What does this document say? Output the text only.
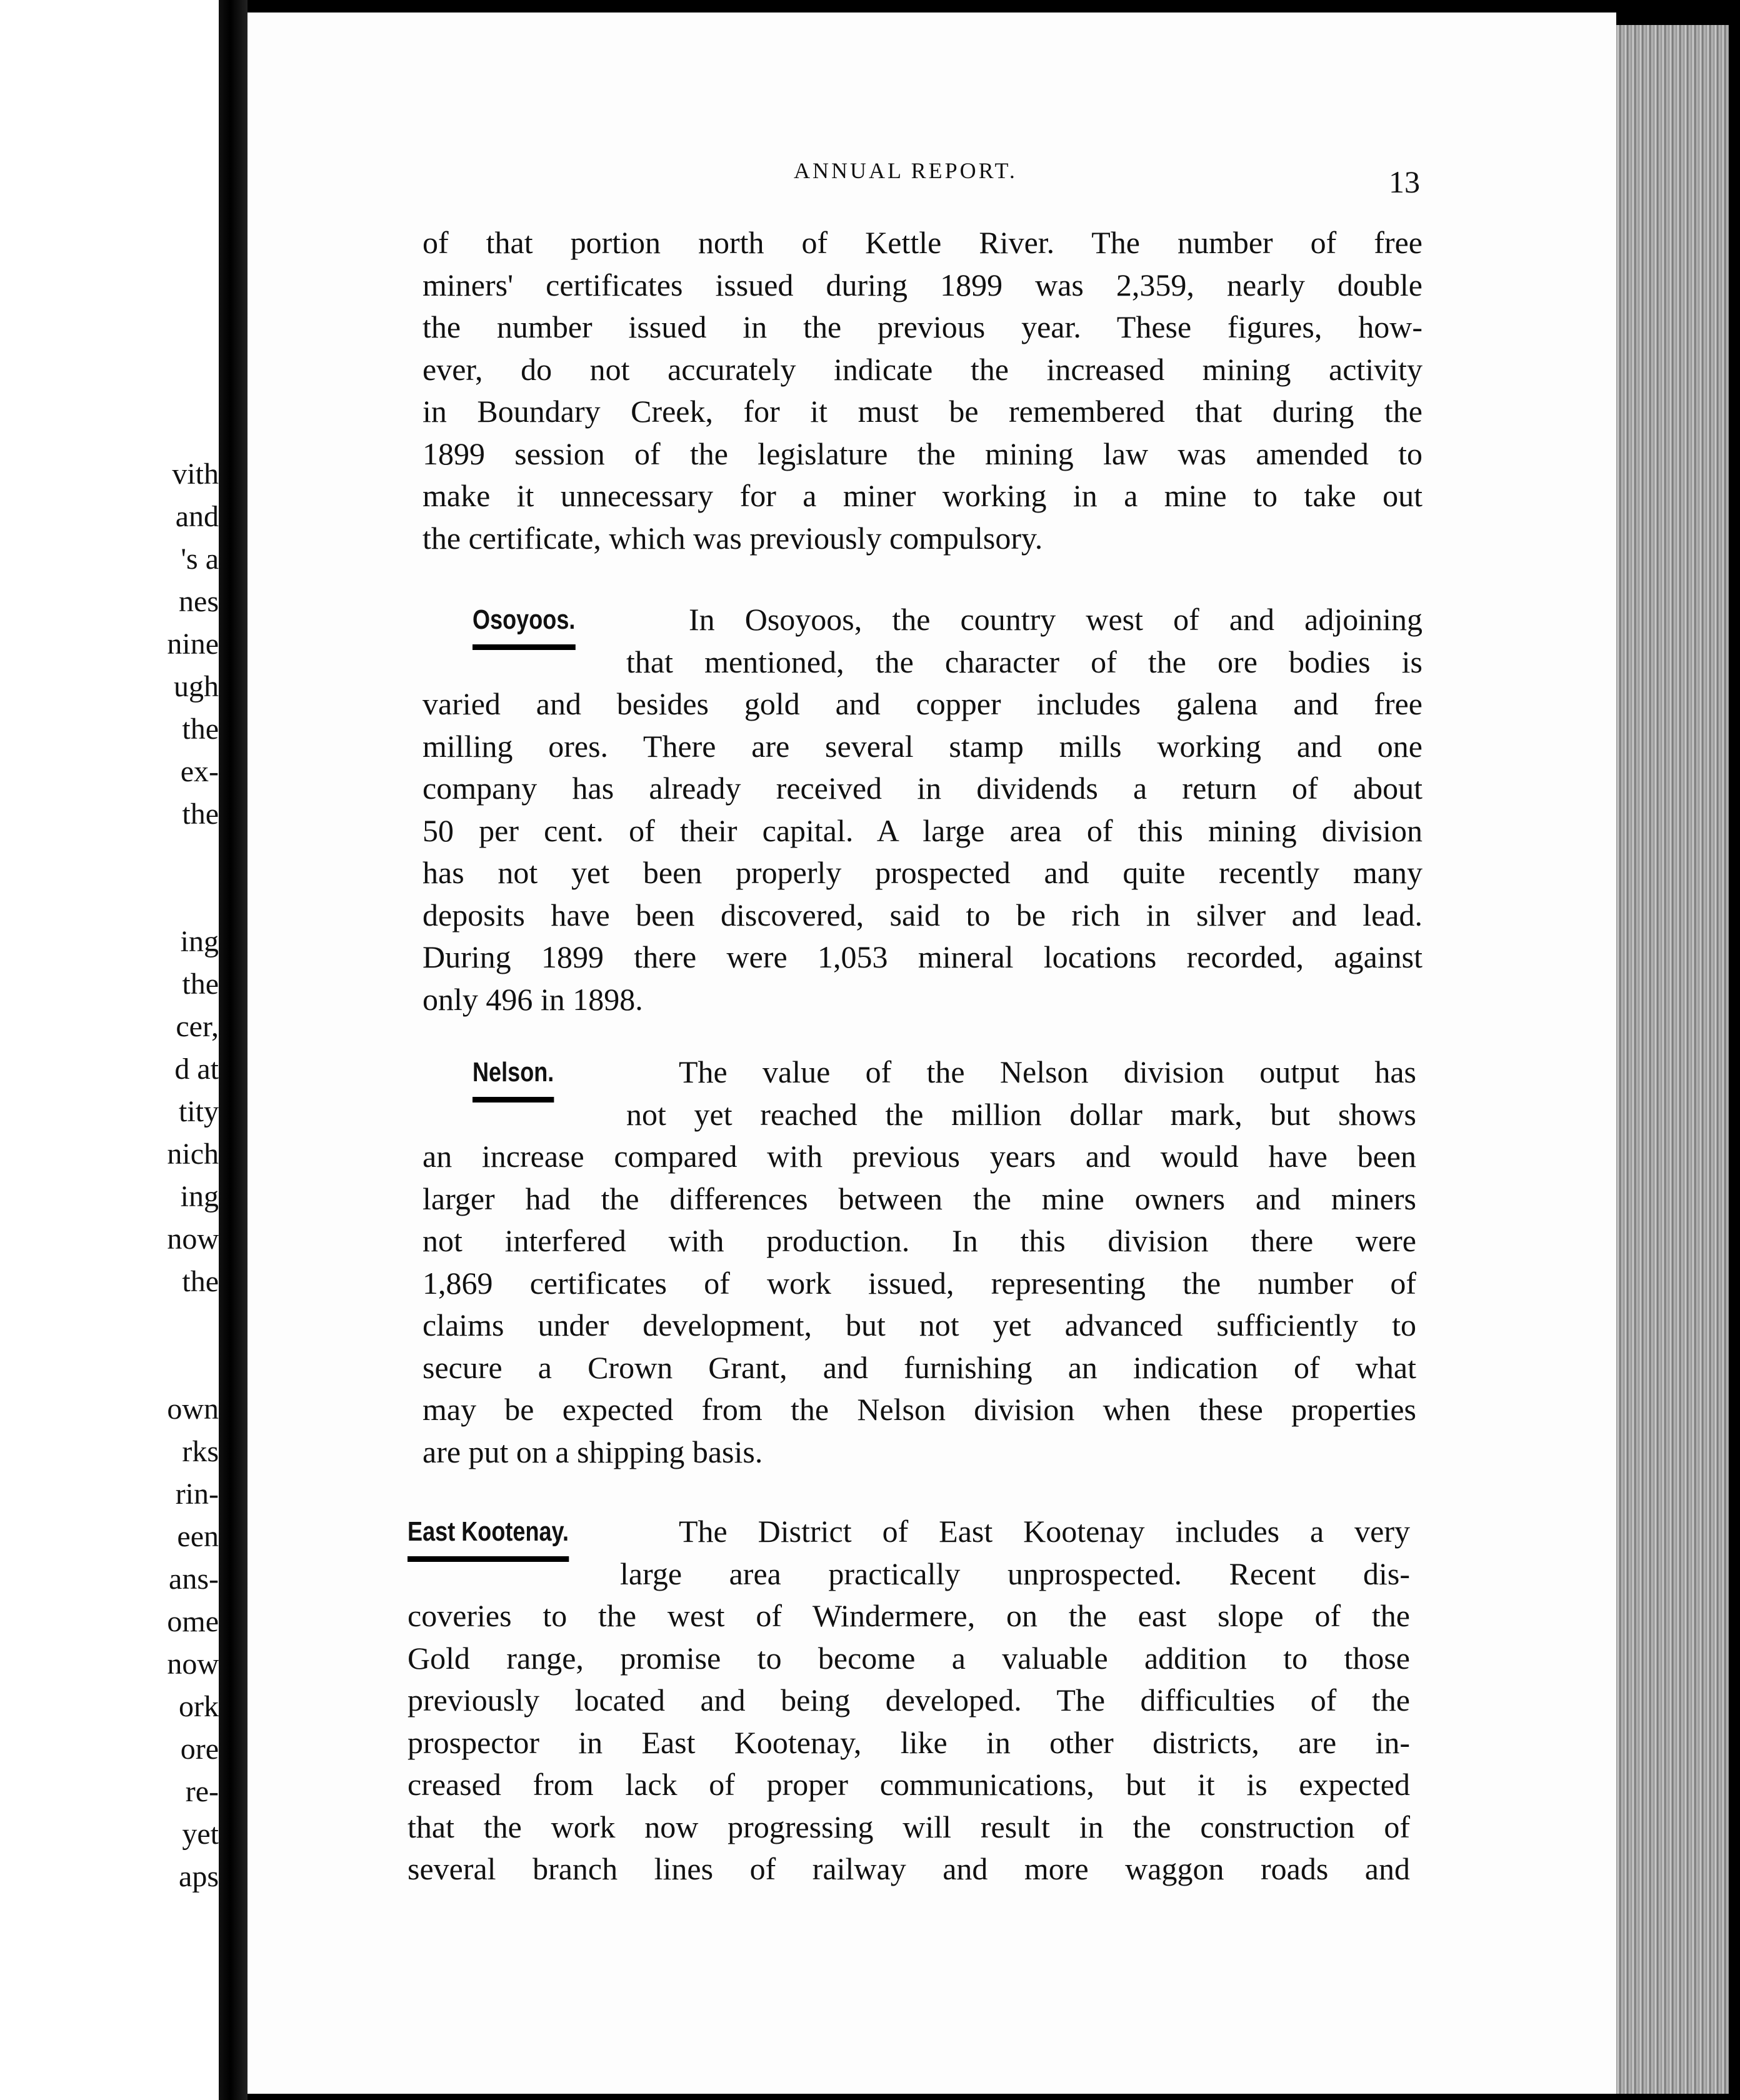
vith
and
's a
nes
nine
ugh
the
ex-
the
ing
the
cer,
d at
tity
nich
ing
now
the
own
rks
rin-
een
ans-
ome
now
ork
ore
re-
yet
aps
ANNUAL REPORT.	13

of that portion north of Kettle River. The number of free

miners' certificates issued during 1899 was 2,359, nearly double

the number issued in the previous year. These figures, how-

ever, do not accurately indicate the increased mining activity

in Boundary Creek, for it must be remembered that during the

1899 session of the legislature the mining law was amended to

make it unnecessary for a miner working in a mine to take out

the certificate, which was previously compulsory.

Osoyoos.	In Osoyoos, the country west of and adjoining
that mentioned, the character of the ore bodies is

varied and besides gold and copper includes galena and free

milling ores. There are several stamp mills working and one

company has already received in dividends a return of about

50 per cent. of their capital. A large area of this mining division

has not yet been properly prospected and quite recently many

deposits have been discovered, said to be rich in silver and lead.

During 1899 there were 1,053 mineral locations recorded, against

only 496 in 1898.

Nelson.	The value of the Nelson division output has
not yet reached the million dollar mark, but shows

an increase compared with previous years and would have been

larger had the differences between the mine owners and miners

not interfered with production. In this division there were

1,869 certificates of work issued, representing the number of

claims under development, but not yet advanced sufficiently to

secure a Crown Grant, and furnishing an indication of what

may be expected from the Nelson division when these properties

are put on a shipping basis.

East Kootenay.	The District of East Kootenay includes a very
large area practically unprospected. Recent dis-

coveries to the west of Windermere, on the east slope of the

Gold range, promise to become a valuable addition to those

previously located and being developed. The difficulties of the

prospector in East Kootenay, like in other districts, are in-

creased from lack of proper communications, but it is expected

that the work now progressing will result in the construction of

several branch lines of railway and more waggon roads and
